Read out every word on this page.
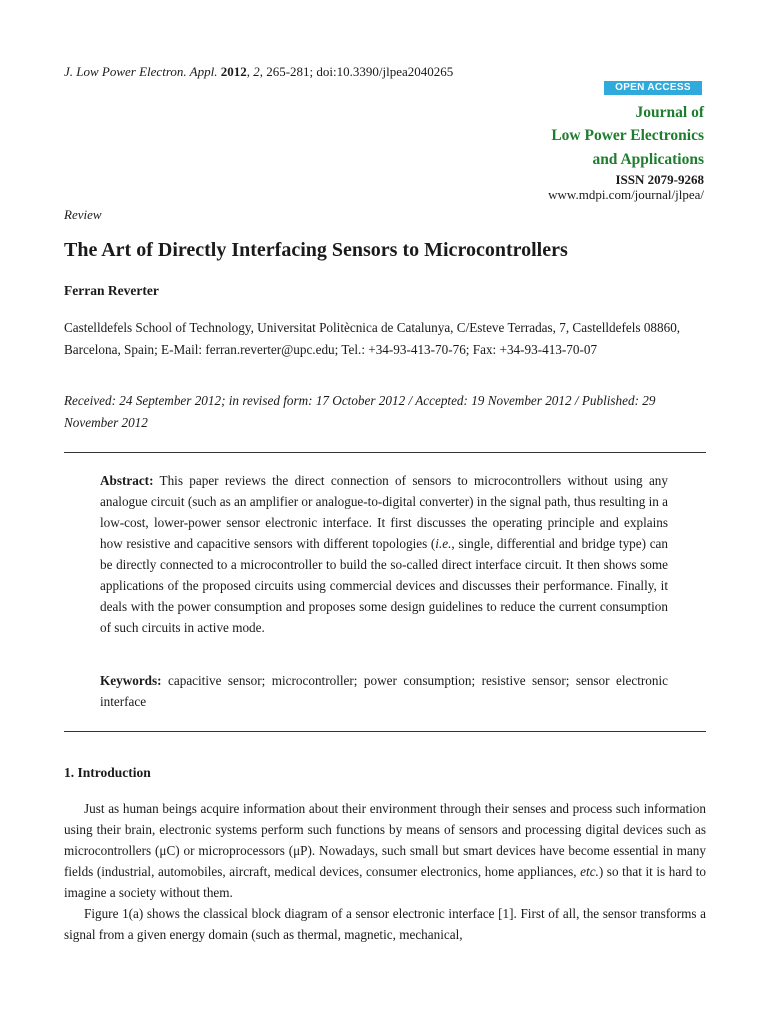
J. Low Power Electron. Appl. 2012, 2, 265-281; doi:10.3390/jlpea2040265
OPEN ACCESS
Journal of
Low Power Electronics
and Applications
ISSN 2079-9268
www.mdpi.com/journal/jlpea/
Review
The Art of Directly Interfacing Sensors to Microcontrollers
Ferran Reverter
Castelldefels School of Technology, Universitat Politècnica de Catalunya, C/Esteve Terradas, 7, Castelldefels 08860, Barcelona, Spain; E-Mail: ferran.reverter@upc.edu; Tel.: +34-93-413-70-76; Fax: +34-93-413-70-07
Received: 24 September 2012; in revised form: 17 October 2012 / Accepted: 19 November 2012 / Published: 29 November 2012
Abstract: This paper reviews the direct connection of sensors to microcontrollers without using any analogue circuit (such as an amplifier or analogue-to-digital converter) in the signal path, thus resulting in a low-cost, lower-power sensor electronic interface. It first discusses the operating principle and explains how resistive and capacitive sensors with different topologies (i.e., single, differential and bridge type) can be directly connected to a microcontroller to build the so-called direct interface circuit. It then shows some applications of the proposed circuits using commercial devices and discusses their performance. Finally, it deals with the power consumption and proposes some design guidelines to reduce the current consumption of such circuits in active mode.
Keywords: capacitive sensor; microcontroller; power consumption; resistive sensor; sensor electronic interface
1. Introduction

Just as human beings acquire information about their environment through their senses and process such information using their brain, electronic systems perform such functions by means of sensors and processing digital devices such as microcontrollers (μC) or microprocessors (μP). Nowadays, such small but smart devices have become essential in many fields (industrial, automobiles, aircraft, medical devices, consumer electronics, home appliances, etc.) so that it is hard to imagine a society without them.

Figure 1(a) shows the classical block diagram of a sensor electronic interface [1]. First of all, the sensor transforms a signal from a given energy domain (such as thermal, magnetic, mechanical,
